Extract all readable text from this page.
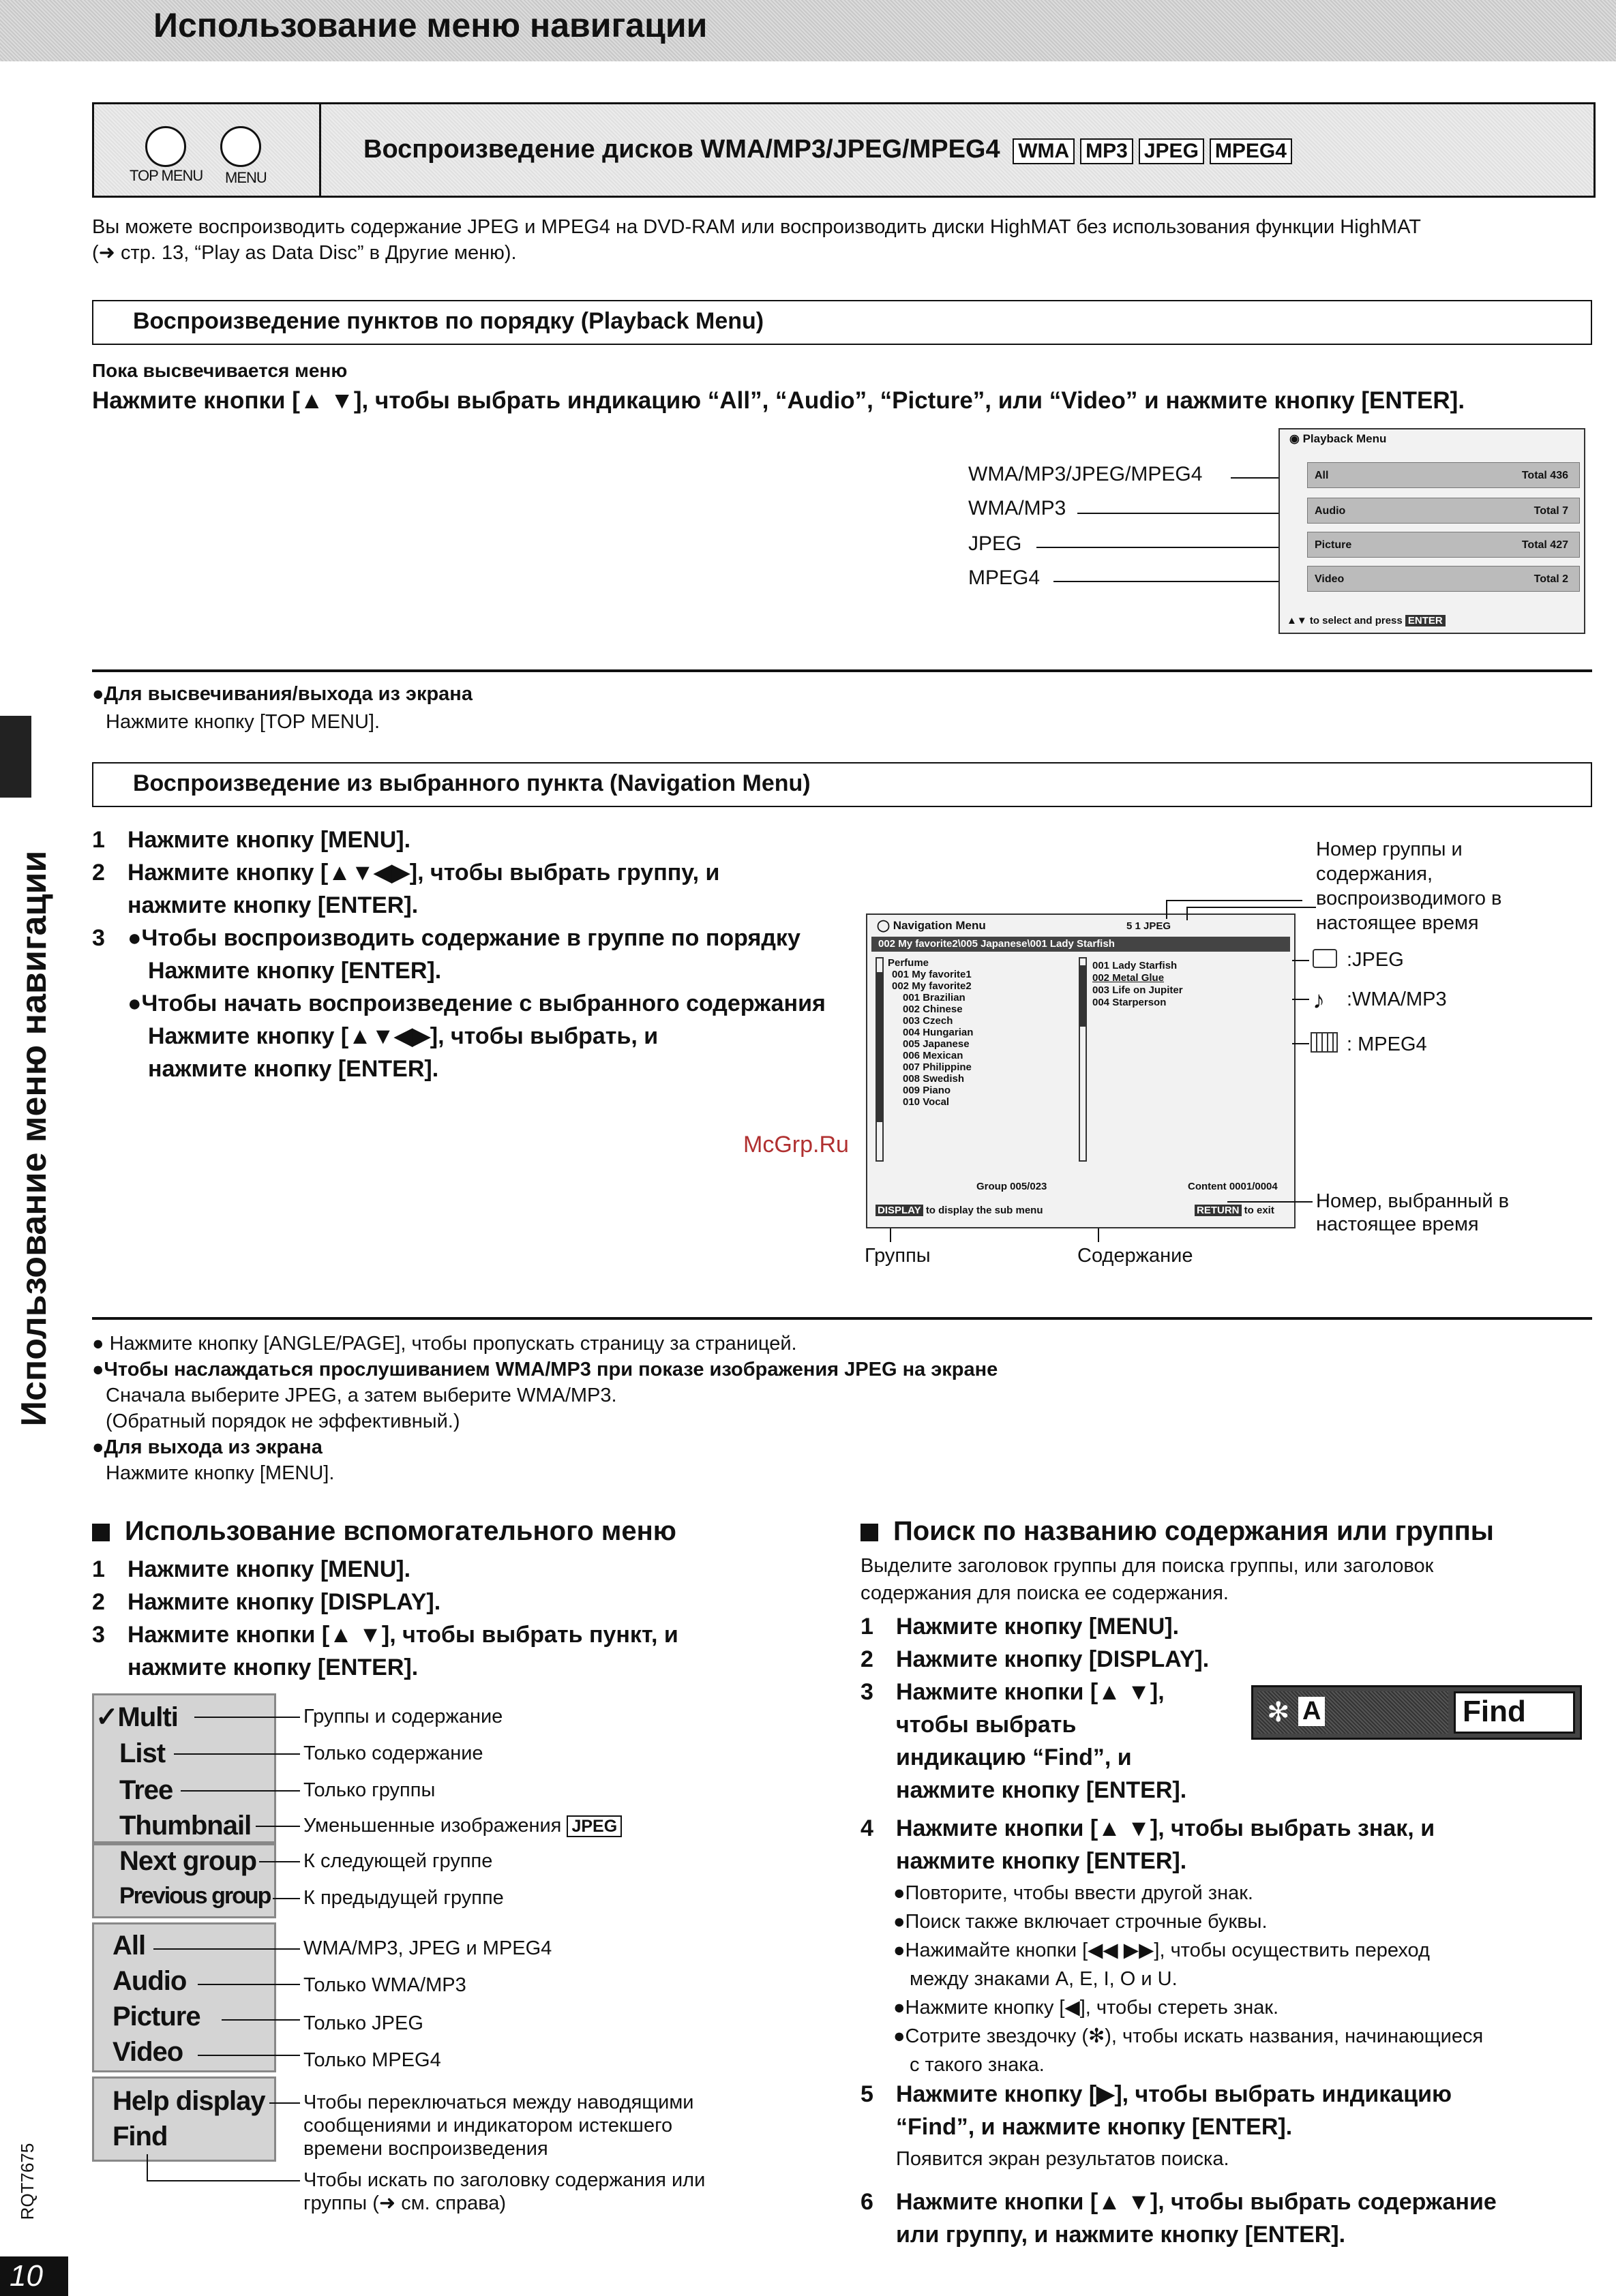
Использование меню навигации
TOP MENU MENU
Воспроизведение дисков WMA/MP3/JPEG/MPEG4 WMA MP3 JPEG MPEG4
Вы можете воспроизводить содержание JPEG и MPEG4 на DVD-RAM или воспроизводить диски HighMAT без использования функции HighMAT
(➜ стр. 13, “Play as Data Disc” в Другие меню).
Воспроизведение пунктов по порядку (Playback Menu)
Пока высвечивается меню
Нажмите кнопки [▲ ▼], чтобы выбрать индикацию “All”, “Audio”, “Picture”, или “Video” и нажмите кнопку [ENTER].
WMA/MP3/JPEG/MPEG4
WMA/MP3
JPEG
MPEG4
◉ Playback Menu
All	Total 436
Audio	Total 7
Picture	Total 427
Video	Total 2
▲▼ to select and press ENTER
●Для высвечивания/выхода из экрана
Нажмите кнопку [TOP MENU].
Воспроизведение из выбранного пункта (Navigation Menu)
1 Нажмите кнопку [MENU].
2 Нажмите кнопку [▲▼◀▶], чтобы выбрать группу, и
нажмите кнопку [ENTER].
3 ●Чтобы воспроизводить содержание в группе по порядку
Нажмите кнопку [ENTER].
●Чтобы начать воспроизведение с выбранного содержания
Нажмите кнопку [▲▼◀▶], чтобы выбрать, и
нажмите кнопку [ENTER].
◯ Navigation Menu	5 1 JPEG
002 My favorite2\005 Japanese\001 Lady Starfish
Perfume
001 My favorite1
002 My favorite2
001 Brazilian
002 Chinese
003 Czech
004 Hungarian
005 Japanese
006 Mexican
007 Philippine
008 Swedish
009 Piano
010 Vocal
001 Lady Starfish
002 Metal Glue
003 Life on Jupiter
004 Starperson
Group 005/023	Content 0001/0004
DISPLAY to display the sub menu	RETURN to exit
Номер группы и
содержания,
воспроизводимого в
настоящее время
:JPEG
♪ :WMA/MP3
: MPEG4
Номер, выбранный в
настоящее время
Группы	Содержание
McGrp.Ru
● Нажмите кнопку [ANGLE/PAGE], чтобы пропускать страницу за страницей.
●Чтобы наслаждаться прослушиванием WMA/MP3 при показе изображения JPEG на экране
Сначала выберите JPEG, а затем выберите WMA/MP3.
(Обратный порядок не эффективный.)
●Для выхода из экрана
Нажмите кнопку [MENU].
Использование вспомогательного меню
1 Нажмите кнопку [MENU].
2 Нажмите кнопку [DISPLAY].
3 Нажмите кнопки [▲ ▼], чтобы выбрать пункт, и
нажмите кнопку [ENTER].
✓Multi
List
Tree
Thumbnail
Next group
Previous group
All
Audio
Picture
Video
Help display
Find
Группы и содержание
Только содержание
Только группы
Уменьшенные изображения JPEG
К следующей группе
К предыдущей группе
WMA/MP3, JPEG и MPEG4
Только WMA/MP3
Только JPEG
Только MPEG4
Чтобы переключаться между наводящими
сообщениями и индикатором истекшего
времени воспроизведения
Чтобы искать по заголовку содержания или
группы (➜ см. справа)
Поиск по названию содержания или группы
Выделите заголовок группы для поиска группы, или заголовок
содержания для поиска ее содержания.
1 Нажмите кнопку [MENU].
2 Нажмите кнопку [DISPLAY].
3 Нажмите кнопки [▲ ▼],
чтобы выбрать
индикацию “Find”, и
нажмите кнопку [ENTER].
✻ A	Find
4 Нажмите кнопки [▲ ▼], чтобы выбрать знак, и
нажмите кнопку [ENTER].
●Повторите, чтобы ввести другой знак.
●Поиск также включает строчные буквы.
●Нажимайте кнопки [◀◀ ▶▶], чтобы осуществить переход
между знаками A, E, I, O и U.
●Нажмите кнопку [◀], чтобы стереть знак.
●Сотрите звездочку (✻), чтобы искать названия, начинающиеся
с такого знака.
5 Нажмите кнопку [▶], чтобы выбрать индикацию
“Find”, и нажмите кнопку [ENTER].
Появится экран результатов поиска.
6 Нажмите кнопки [▲ ▼], чтобы выбрать содержание
или группу, и нажмите кнопку [ENTER].
Использование меню навигации
RQT7675
10
